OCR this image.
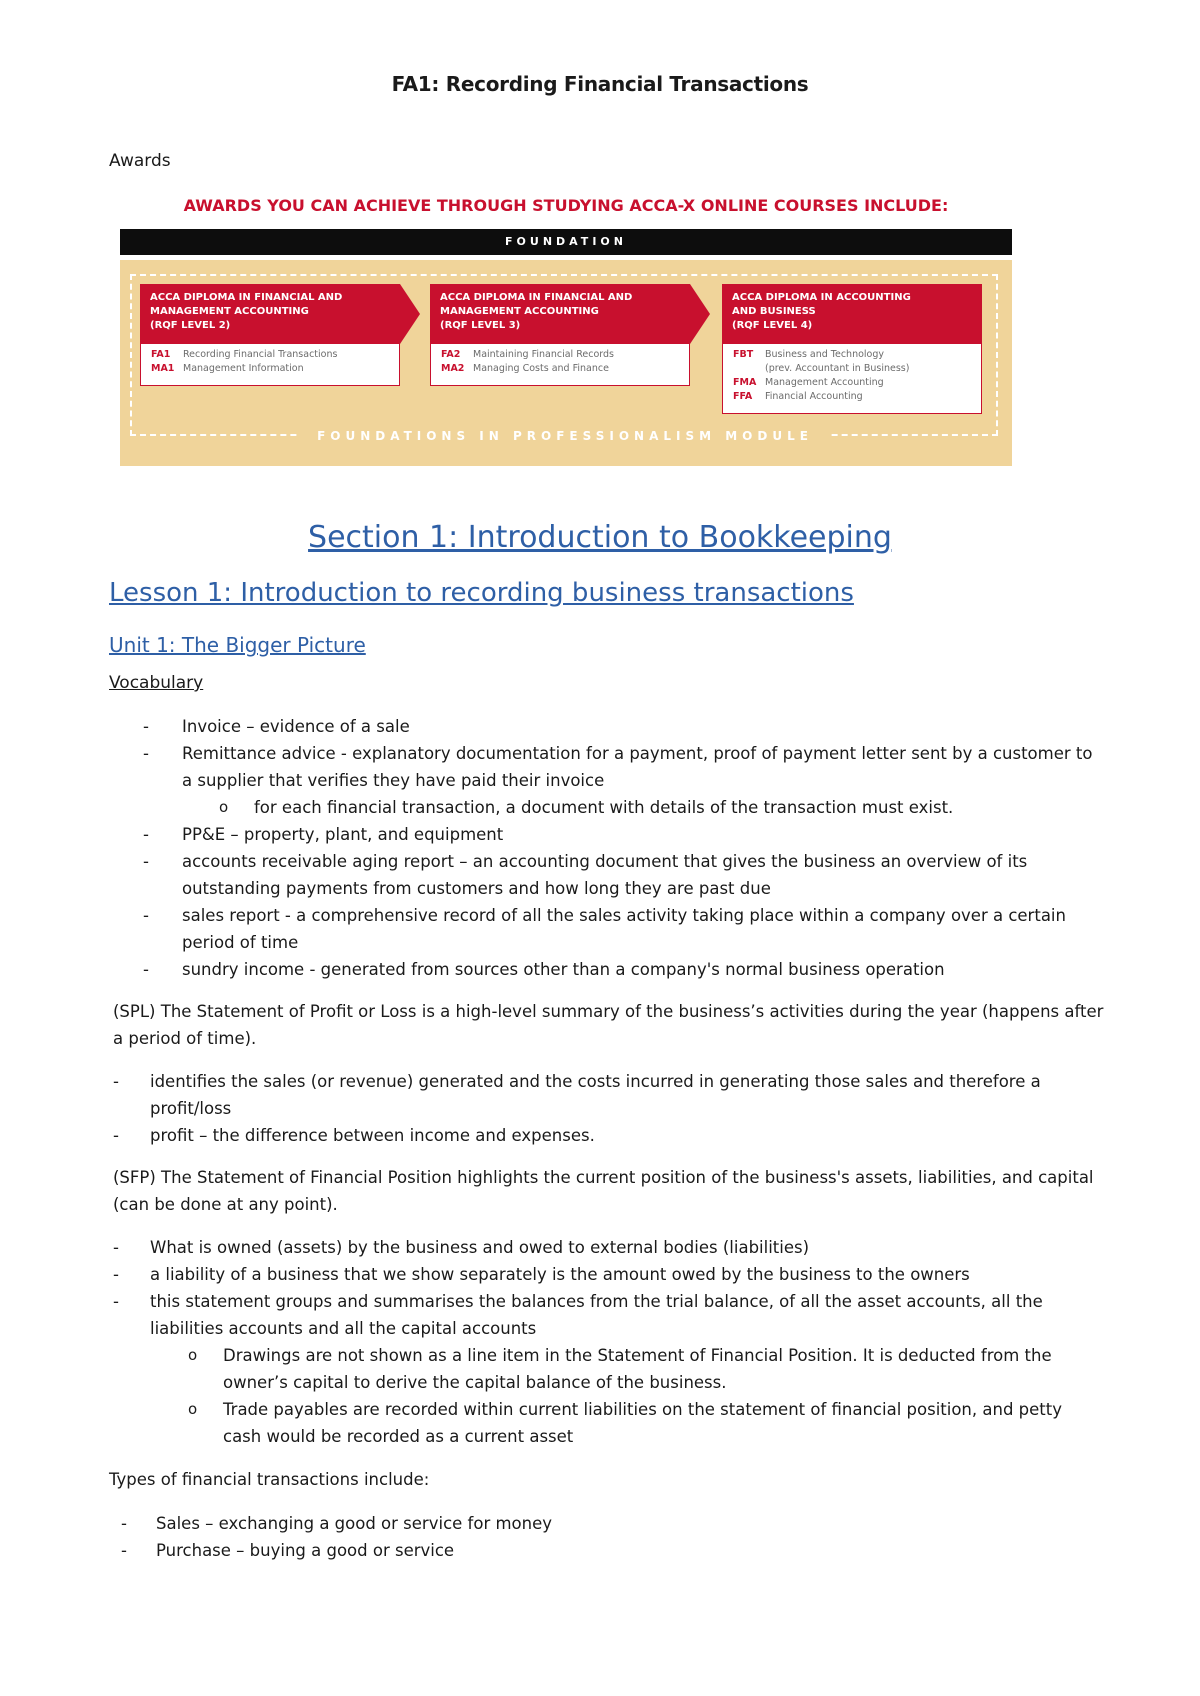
FA1: Recording Financial Transactions
Awards
AWARDS YOU CAN ACHIEVE THROUGH STUDYING ACCA-X ONLINE COURSES INCLUDE:
FOUNDATION
FOUNDATIONS IN PROFESSIONALISM MODULE
ACCA DIPLOMA IN FINANCIAL AND
MANAGEMENT ACCOUNTING
(RQF LEVEL 2)
FA1 Recording Financial Transactions
MA1 Management Information
ACCA DIPLOMA IN FINANCIAL AND
MANAGEMENT ACCOUNTING
(RQF LEVEL 3)
FA2 Maintaining Financial Records
MA2 Managing Costs and Finance
ACCA DIPLOMA IN ACCOUNTING
AND BUSINESS
(RQF LEVEL 4)
FBT Business and Technology
(prev. Accountant in Business)
FMA Management Accounting
FFA Financial Accounting
Section 1: Introduction to Bookkeeping
Lesson 1: Introduction to recording business transactions
Unit 1: The Bigger Picture
Vocabulary
- Invoice – evidence of a sale
- Remittance advice - explanatory documentation for a payment, proof of payment letter sent by a customer to
a supplier that verifies they have paid their invoice
o for each financial transaction, a document with details of the transaction must exist.
- PP&E – property, plant, and equipment
- accounts receivable aging report – an accounting document that gives the business an overview of its
outstanding payments from customers and how long they are past due
- sales report - a comprehensive record of all the sales activity taking place within a company over a certain
period of time
- sundry income - generated from sources other than a company's normal business operation
(SPL) The Statement of Profit or Loss is a high-level summary of the business’s activities during the year (happens after
a period of time).
- identifies the sales (or revenue) generated and the costs incurred in generating those sales and therefore a
profit/loss
- profit – the difference between income and expenses.
(SFP) The Statement of Financial Position highlights the current position of the business's assets, liabilities, and capital
(can be done at any point).
- What is owned (assets) by the business and owed to external bodies (liabilities)
- a liability of a business that we show separately is the amount owed by the business to the owners
- this statement groups and summarises the balances from the trial balance, of all the asset accounts, all the
liabilities accounts and all the capital accounts
o Drawings are not shown as a line item in the Statement of Financial Position. It is deducted from the
owner’s capital to derive the capital balance of the business.
o Trade payables are recorded within current liabilities on the statement of financial position, and petty
cash would be recorded as a current asset
Types of financial transactions include:
- Sales – exchanging a good or service for money
- Purchase – buying a good or service
